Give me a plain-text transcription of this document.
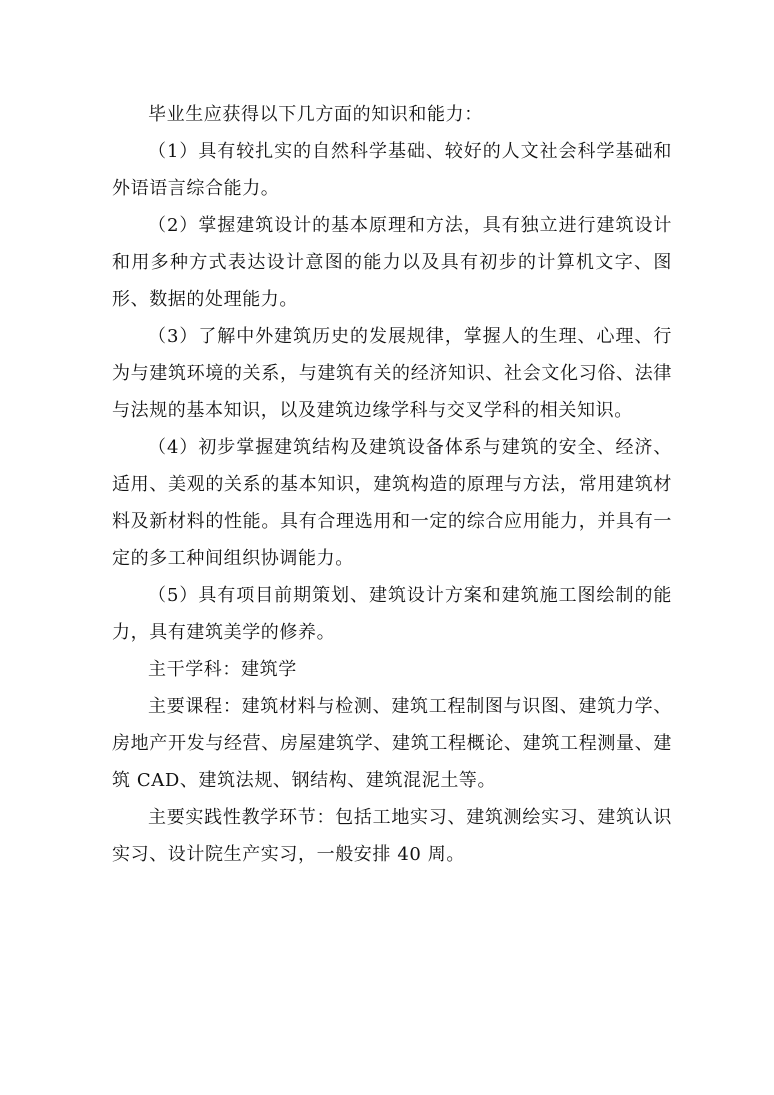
毕业生应获得以下几方面的知识和能力：

（1）具有较扎实的自然科学基础、较好的人文社会科学基础和外语语言综合能力。

（2）掌握建筑设计的基本原理和方法，具有独立进行建筑设计和用多种方式表达设计意图的能力以及具有初步的计算机文字、图形、数据的处理能力。

（3）了解中外建筑历史的发展规律，掌握人的生理、心理、行为与建筑环境的关系，与建筑有关的经济知识、社会文化习俗、法律与法规的基本知识，以及建筑边缘学科与交叉学科的相关知识。

（4）初步掌握建筑结构及建筑设备体系与建筑的安全、经济、适用、美观的关系的基本知识，建筑构造的原理与方法，常用建筑材料及新材料的性能。具有合理选用和一定的综合应用能力，并具有一定的多工种间组织协调能力。

（5）具有项目前期策划、建筑设计方案和建筑施工图绘制的能力，具有建筑美学的修养。

主干学科：建筑学

主要课程：建筑材料与检测、建筑工程制图与识图、建筑力学、房地产开发与经营、房屋建筑学、建筑工程概论、建筑工程测量、建筑 CAD、建筑法规、钢结构、建筑混泥土等。

主要实践性教学环节：包括工地实习、建筑测绘实习、建筑认识实习、设计院生产实习，一般安排 40 周。
